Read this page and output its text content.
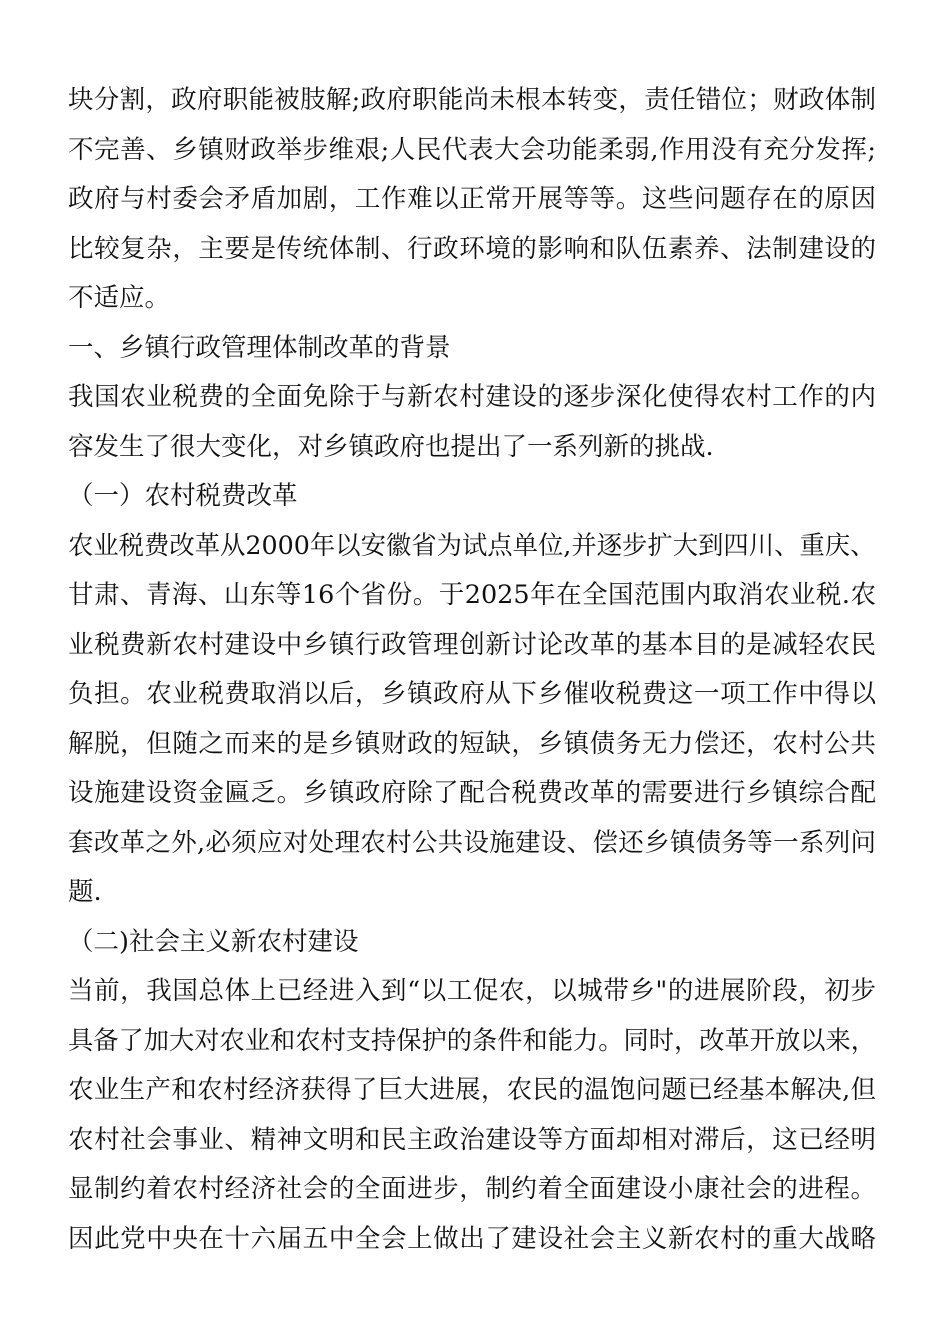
块分割，政府职能被肢解;政府职能尚未根本转变，责任错位；财政体制
不完善、乡镇财政举步维艰;人民代表大会功能柔弱,作用没有充分发挥;
政府与村委会矛盾加剧，工作难以正常开展等等。这些问题存在的原因
比较复杂，主要是传统体制、行政环境的影响和队伍素养、法制建设的
不适应。
一、乡镇行政管理体制改革的背景
我国农业税费的全面免除于与新农村建设的逐步深化使得农村工作的内
容发生了很大变化，对乡镇政府也提出了一系列新的挑战.
（一）农村税费改革
农业税费改革从2000年以安徽省为试点单位,并逐步扩大到四川、重庆、
甘肃、青海、山东等16个省份。于2025年在全国范围内取消农业税.农
业税费新农村建设中乡镇行政管理创新讨论改革的基本目的是减轻农民
负担。农业税费取消以后，乡镇政府从下乡催收税费这一项工作中得以
解脱，但随之而来的是乡镇财政的短缺，乡镇债务无力偿还，农村公共
设施建设资金匾乏。乡镇政府除了配合税费改革的需要进行乡镇综合配
套改革之外,必须应对处理农村公共设施建设、偿还乡镇债务等一系列问
题.
（二)社会主义新农村建设
当前，我国总体上已经进入到“以工促农，以城带乡"的进展阶段，初步
具备了加大对农业和农村支持保护的条件和能力。同时，改革开放以来，
农业生产和农村经济获得了巨大进展，农民的温饱问题已经基本解决,但
农村社会事业、精神文明和民主政治建设等方面却相对滞后，这已经明
显制约着农村经济社会的全面进步，制约着全面建设小康社会的进程。
因此党中央在十六届五中全会上做出了建设社会主义新农村的重大战略
